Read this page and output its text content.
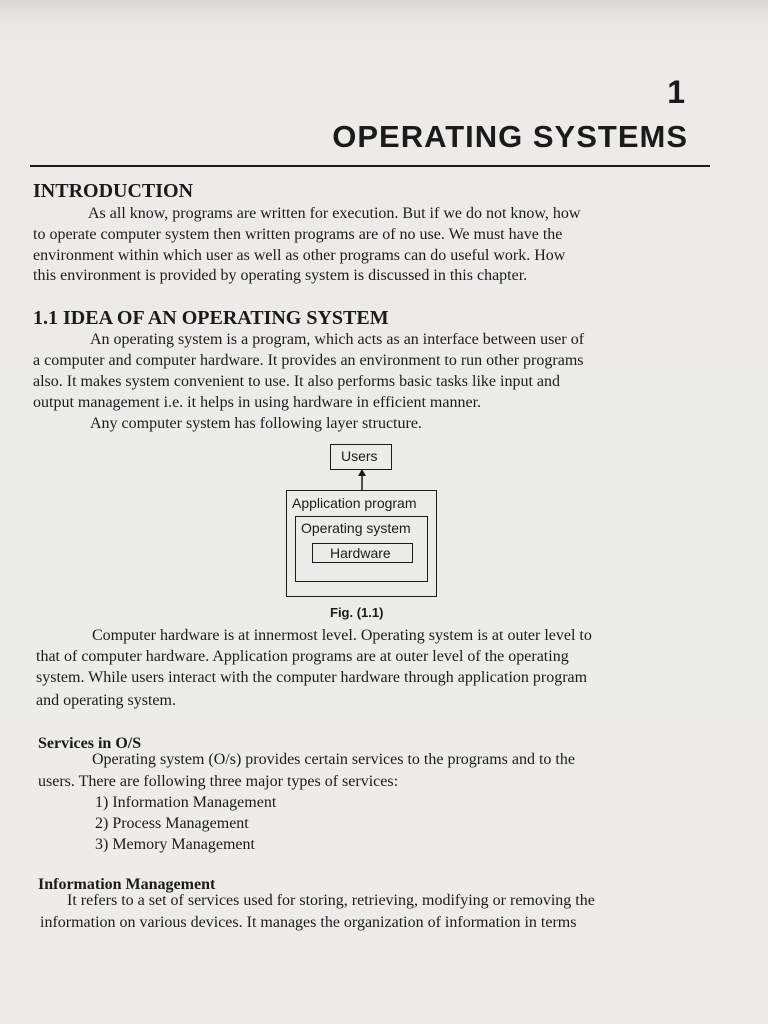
1
OPERATING SYSTEMS
INTRODUCTION
As all know, programs are written for execution. But if we do not know, how
to operate computer system then written programs are of no use. We must have the
environment within which user as well as other programs can do useful work. How
this environment is provided by operating system is discussed in this chapter.
1.1 IDEA OF AN OPERATING SYSTEM
An operating system is a program, which acts as an interface between user of
a computer and computer hardware. It provides an environment to run other programs
also. It makes system convenient to use. It also performs basic tasks like input and
output management i.e. it helps in using hardware in efficient manner.
Any computer system has following layer structure.
Users
Application program
Operating system
Hardware
Fig. (1.1)
Computer hardware is at innermost level. Operating system is at outer level to
that of computer hardware. Application programs are at outer level of the operating
system. While users interact with the computer hardware through application program
and operating system.
Services in O/S
Operating system (O/s) provides certain services to the programs and to the
users. There are following three major types of services:
1) Information Management
2) Process Management
3) Memory Management
Information Management
It refers to a set of services used for storing, retrieving, modifying or removing the
information on various devices. It manages the organization of information in terms
